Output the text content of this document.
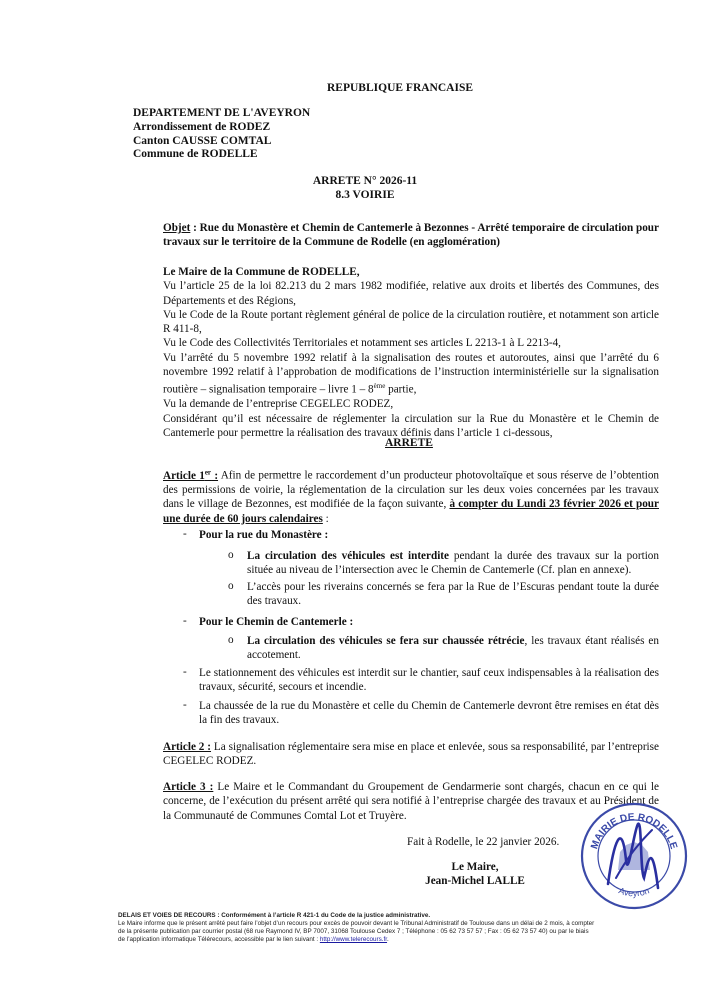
REPUBLIQUE FRANCAISE
DEPARTEMENT DE L'AVEYRON
Arrondissement de RODEZ
Canton CAUSSE COMTAL
Commune de RODELLE
ARRETE N° 2026-11
8.3 VOIRIE
Objet : Rue du Monastère et Chemin de Cantemerle à Bezonnes - Arrêté temporaire de circulation pour travaux sur le territoire de la Commune de Rodelle (en agglomération)

Le Maire de la Commune de RODELLE,

Vu l’article 25 de la loi 82.213 du 2 mars 1982 modifiée, relative aux droits et libertés des Communes, des Départements et des Régions,

Vu le Code de la Route portant règlement général de police de la circulation routière, et notamment son article R 411-8,

Vu le Code des Collectivités Territoriales et notamment ses articles L 2213-1 à L 2213-4,

Vu l’arrêté du 5 novembre 1992 relatif à la signalisation des routes et autoroutes, ainsi que l’arrêté du 6 novembre 1992 relatif à l’approbation de modifications de l’instruction interministérielle sur la signalisation routière – signalisation temporaire – livre 1 – 8ème partie,

Vu la demande de l’entreprise CEGELEC RODEZ,

Considérant qu’il est nécessaire de réglementer la circulation sur la Rue du Monastère et le Chemin de Cantemerle pour permettre la réalisation des travaux définis dans l’article 1 ci-dessous,

ARRETE
Article 1er : Afin de permettre le raccordement d’un producteur photovoltaïque et sous réserve de l’obtention des permissions de voirie, la réglementation de la circulation sur les deux voies concernées par les travaux dans le village de Bezonnes, est modifiée de la façon suivante, à compter du Lundi 23 février 2026 et pour une durée de 60 jours calendaires :
- Pour la rue du Monastère :
o La circulation des véhicules est interdite pendant la durée des travaux sur la portion située au niveau de l’intersection avec le Chemin de Cantemerle (Cf. plan en annexe).
o L’accès pour les riverains concernés se fera par la Rue de l’Escuras pendant toute la durée des travaux.
- Pour le Chemin de Cantemerle :
o La circulation des véhicules se fera sur chaussée rétrécie, les travaux étant réalisés en accotement.
- Le stationnement des véhicules est interdit sur le chantier, sauf ceux indispensables à la réalisation des travaux, sécurité, secours et incendie.
- La chaussée de la rue du Monastère et celle du Chemin de Cantemerle devront être remises en état dès la fin des travaux.
Article 2 : La signalisation réglementaire sera mise en place et enlevée, sous sa responsabilité, par l’entreprise CEGELEC RODEZ.
Article 3 : Le Maire et le Commandant du Groupement de Gendarmerie sont chargés, chacun en ce qui le concerne, de l’exécution du présent arrêté qui sera notifié à l’entreprise chargée des travaux et au Président de la Communauté de Communes Comtal Lot et Truyère.
Fait à Rodelle, le 22 janvier 2026.
Le Maire,
Jean-Michel LALLE
MAIRIE DE RODELLE
Aveyron
DELAIS ET VOIES DE RECOURS : Conformément à l’article R 421-1 du Code de la justice administrative.
Le Maire informe que le présent arrêté peut faire l’objet d’un recours pour excès de pouvoir devant le Tribunal Administratif de Toulouse dans un délai de 2 mois, à compter
de la présente publication par courrier postal (68 rue Raymond IV, BP 7007, 31068 Toulouse Cedex 7 ; Téléphone : 05 62 73 57 57 ; Fax : 05 62 73 57 40) ou par le biais
de l’application informatique Télérecours, accessible par le lien suivant : http://www.telerecours.fr.
